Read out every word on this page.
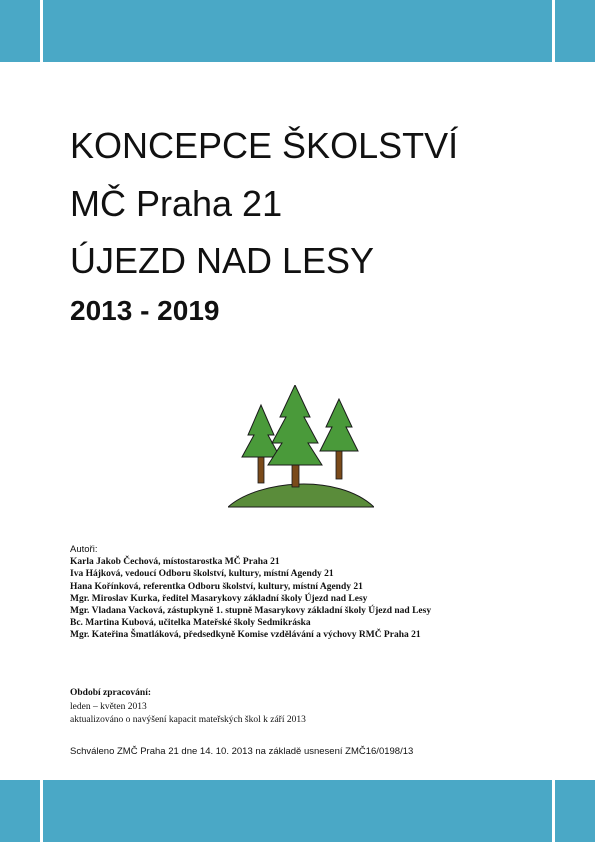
KONCEPCE ŠKOLSTVÍ
MČ Praha 21
ÚJEZD NAD LESY
2013 - 2019
Autoři:
Karla Jakob Čechová, místostarostka MČ Praha 21
Iva Hájková, vedoucí Odboru školství, kultury, místní Agendy 21
Hana Kořínková, referentka Odboru školství, kultury, místní Agendy 21
Mgr. Miroslav Kurka, ředitel Masarykovy základní školy Újezd nad Lesy
Mgr. Vladana Vacková, zástupkyně 1. stupně Masarykovy základní školy Újezd nad Lesy
Bc. Martina Kubová, učitelka Mateřské školy Sedmikráska
Mgr. Kateřina Šmatláková, předsedkyně Komise vzdělávání a výchovy RMČ Praha 21
Období zpracování:
leden – květen 2013
aktualizováno o navýšení kapacit mateřských škol k září 2013
Schváleno ZMČ Praha 21 dne 14. 10. 2013 na základě usnesení ZMČ16/0198/13
